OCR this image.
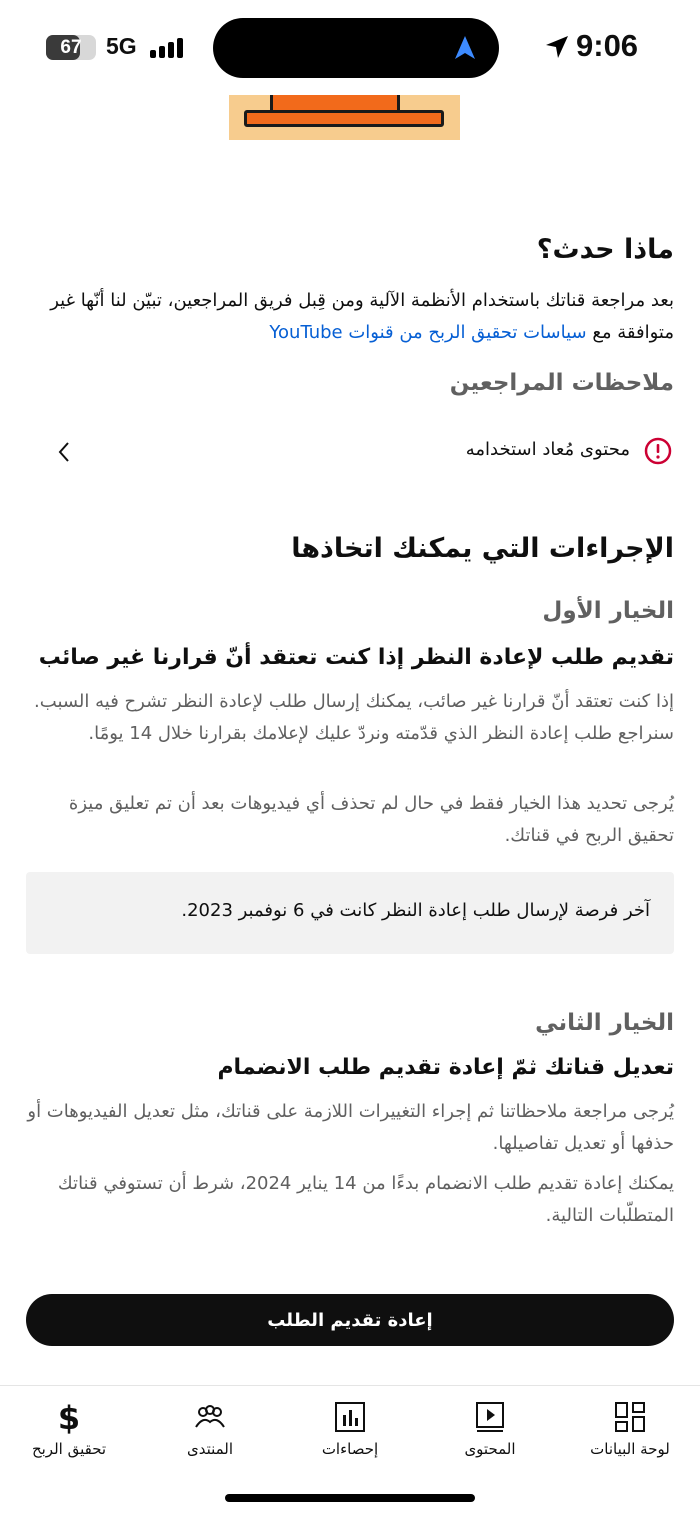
67	5G	9:06
ماذا حدث؟
بعد مراجعة قناتك باستخدام الأنظمة الآلية ومن قِبل فريق المراجعين، تبيّن لنا أنّها غير متوافقة مع سياسات تحقيق الربح من قنوات YouTube
ملاحظات المراجعين
محتوى مُعاد استخدامه
الإجراءات التي يمكنك اتخاذها
الخيار الأول
تقديم طلب لإعادة النظر إذا كنت تعتقد أنّ قرارنا غير صائب
إذا كنت تعتقد أنّ قرارنا غير صائب، يمكنك إرسال طلب لإعادة النظر تشرح فيه السبب. سنراجع طلب إعادة النظر الذي قدّمته ونردّ عليك لإعلامك بقرارنا خلال 14 يومًا.
يُرجى تحديد هذا الخيار فقط في حال لم تحذف أي فيديوهات بعد أن تم تعليق ميزة تحقيق الربح في قناتك.
آخر فرصة لإرسال طلب إعادة النظر كانت في 6 نوفمبر 2023.
الخيار الثاني
تعديل قناتك ثمّ إعادة تقديم طلب الانضمام
يُرجى مراجعة ملاحظاتنا ثم إجراء التغييرات اللازمة على قناتك، مثل تعديل الفيديوهات أو حذفها أو تعديل تفاصيلها.
يمكنك إعادة تقديم طلب الانضمام بدءًا من 14 يناير 2024، شرط أن تستوفي قناتك المتطلّبات التالية.
إعادة تقديم الطلب
$
تحقيق الربح	المنتدى	إحصاءات	المحتوى	لوحة البيانات
